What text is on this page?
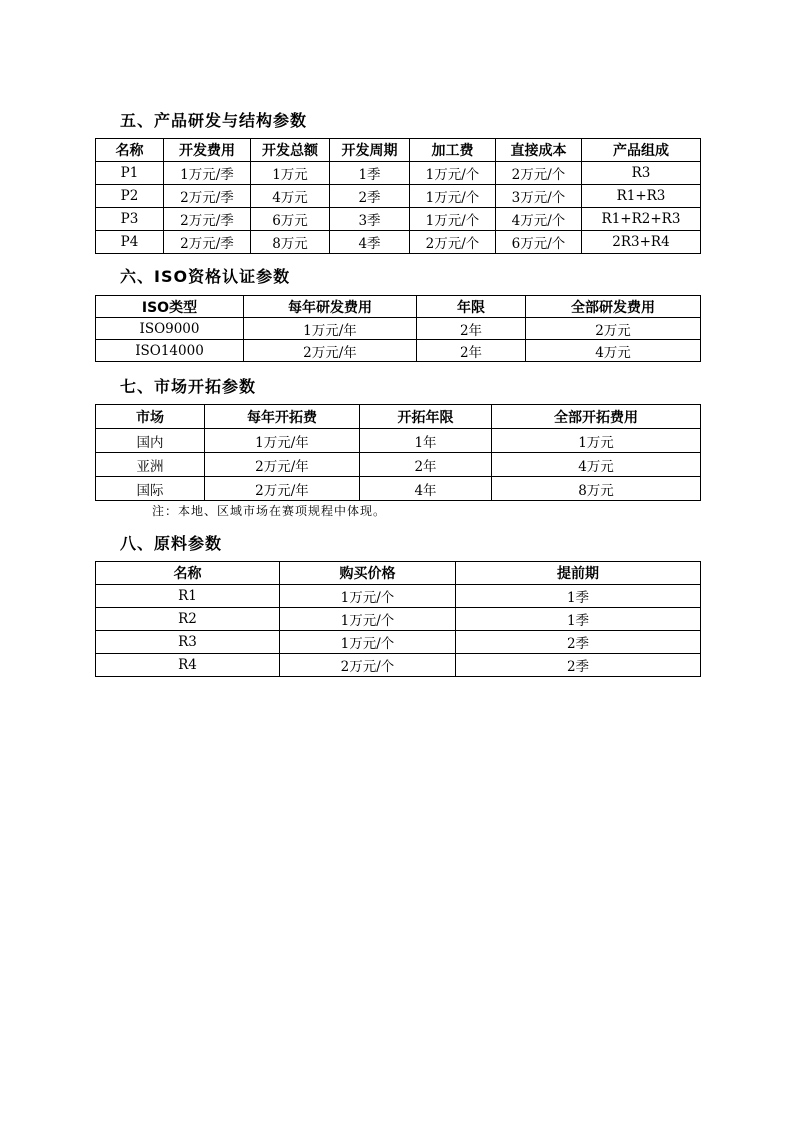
五、产品研发与结构参数
名称	开发费用	开发总额	开发周期	加工费	直接成本	产品组成
P1	1万元/季	1万元	1季	1万元/个	2万元/个	R3
P2	2万元/季	4万元	2季	1万元/个	3万元/个	R1+R3
P3	2万元/季	6万元	3季	1万元/个	4万元/个	R1+R2+R3
P4	2万元/季	8万元	4季	2万元/个	6万元/个	2R3+R4
六、ISO资格认证参数
ISO类型	每年研发费用	年限	全部研发费用
ISO9000	1万元/年	2年	2万元
ISO14000	2万元/年	2年	4万元
七、市场开拓参数
市场	每年开拓费	开拓年限	全部开拓费用
国内	1万元/年	1年	1万元
亚洲	2万元/年	2年	4万元
国际	2万元/年	4年	8万元
注：本地、区域市场在赛项规程中体现。
八、原料参数
名称	购买价格	提前期
R1	1万元/个	1季
R2	1万元/个	1季
R3	1万元/个	2季
R4	2万元/个	2季
